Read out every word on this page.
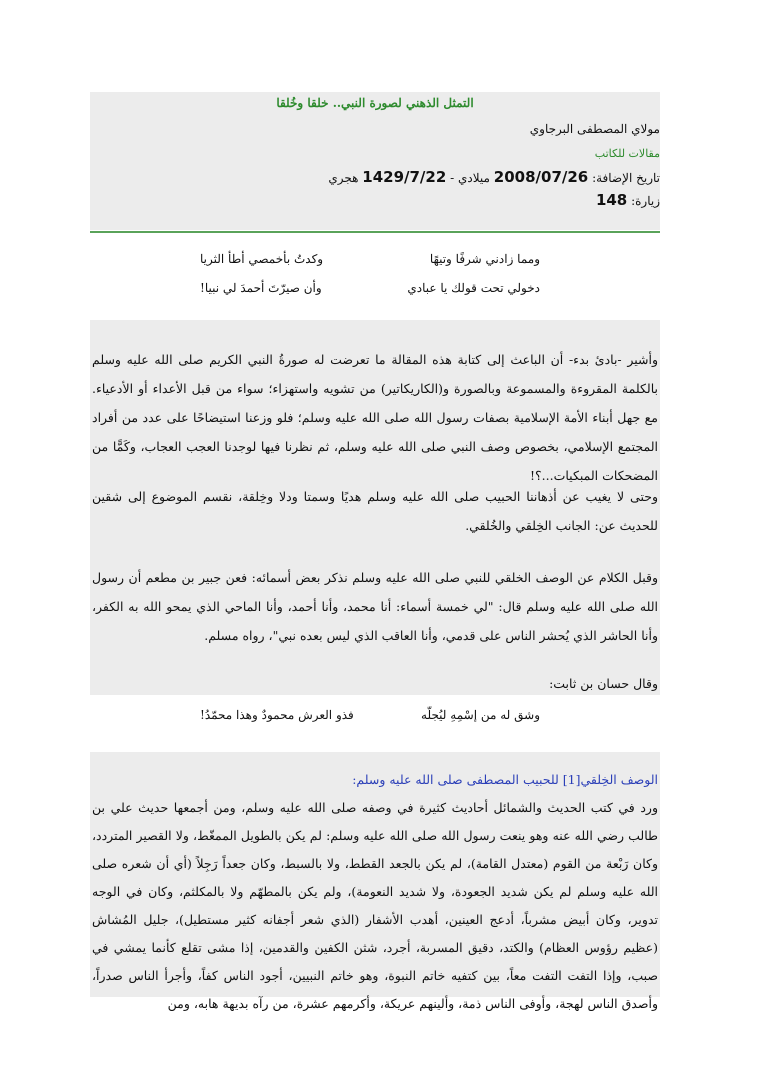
التمثل الذهني لصورة النبي.. خلقا وخُلقا
مولاي المصطفى البرجاوي
مقالات للكاتب
تاريخ الإضافة: 2008/07/26 ميلادي - 1429/7/22 هجري
زيارة: 148
ومما زادني شرفًا وتيهًا
وكدتُ بأخمصي أطأ الثريا
دخولي تحت قولك يا عبادي
وأن صيرّتَ أحمدَ لي نبيا!
وأشير -بادئ بدء- أن الباعث إلى كتابة هذه المقالة ما تعرضت له صورةُ النبي الكريم صلى الله عليه وسلم بالكلمة المقروءة والمسموعة وبالصورة و(الكاريكاتير) من تشويه واستهزاء؛ سواء من قبل الأعداء أو الأدعياء. مع جهل أبناء الأمة الإسلامية بصفات رسول الله صلى الله عليه وسلم؛ فلو وزعنا استيضاحًا على عدد من أفراد المجتمع الإسلامي، بخصوص وصف النبي صلى الله عليه وسلم، ثم نظرنا فيها لوجدنا العجب العجاب، وكَمًّا من المضحكات المبكيات...؟!
وحتى لا يغيب عن أذهاننا الحبيب صلى الله عليه وسلم هديًا وسمتا ودلا وخِلقة، نقسم الموضوع إلى شقين للحديث عن: الجانب الخِلقي والخُلقي.
وقبل الكلام عن الوصف الخلقي للنبي صلى الله عليه وسلم نذكر بعض أسمائه: فعن جبير بن مطعم أن رسول الله صلى الله عليه وسلم قال: "لي خمسة أسماء: أنا محمد، وأنا أحمد، وأنا الماحي الذي يمحو الله به الكفر، وأنا الحاشر الذي يُحشر الناس على قدمي، وأنا العاقب الذي ليس بعده نبي"، رواه مسلم.
وقال حسان بن ثابت:
وشق له من إسْمِهِ ليُجلّه
فذو العرش محمودٌ وهذا محمّدُ!
الوصف الخِلقي[1] للحبيب المصطفى صلى الله عليه وسلم:
ورد في كتب الحديث والشمائل أحاديث كثيرة في وصفه صلى الله عليه وسلم، ومن أجمعها حديث علي بن طالب رضي الله عنه وهو ينعت رسول الله صلى الله عليه وسلم: لم يكن بالطويل الممغّط، ولا القصير المتردد، وكان رَبْعة من القوم (معتدل القامة)، لم يكن بالجعد القطط، ولا بالسبط، وكان جعداً رَجِلاً (أي أن شعره صلى الله عليه وسلم لم يكن شديد الجعودة، ولا شديد النعومة)، ولم يكن بالمطهّم ولا بالمكلثم، وكان في الوجه تدوير، وكان أبيض مشرباً، أدعج العينين، أهدب الأشفار (الذي شعر أجفانه كثير مستطيل)، جليل المُشاش (عظيم رؤوس العظام) والكتد، دقيق المسربة، أجرد، شثن الكفين والقدمين، إذا مشى تقلع كأنما يمشي في صبب، وإذا التفت التفت معاً، بين كتفيه خاتم النبوة، وهو خاتم النبيين، أجود الناس كفاً، وأجرأ الناس صدراً، وأصدق الناس لهجة، وأوفى الناس ذمة، وألينهم عريكة، وأكرمهم عشرة، من رآه بديهة هابه، ومن
